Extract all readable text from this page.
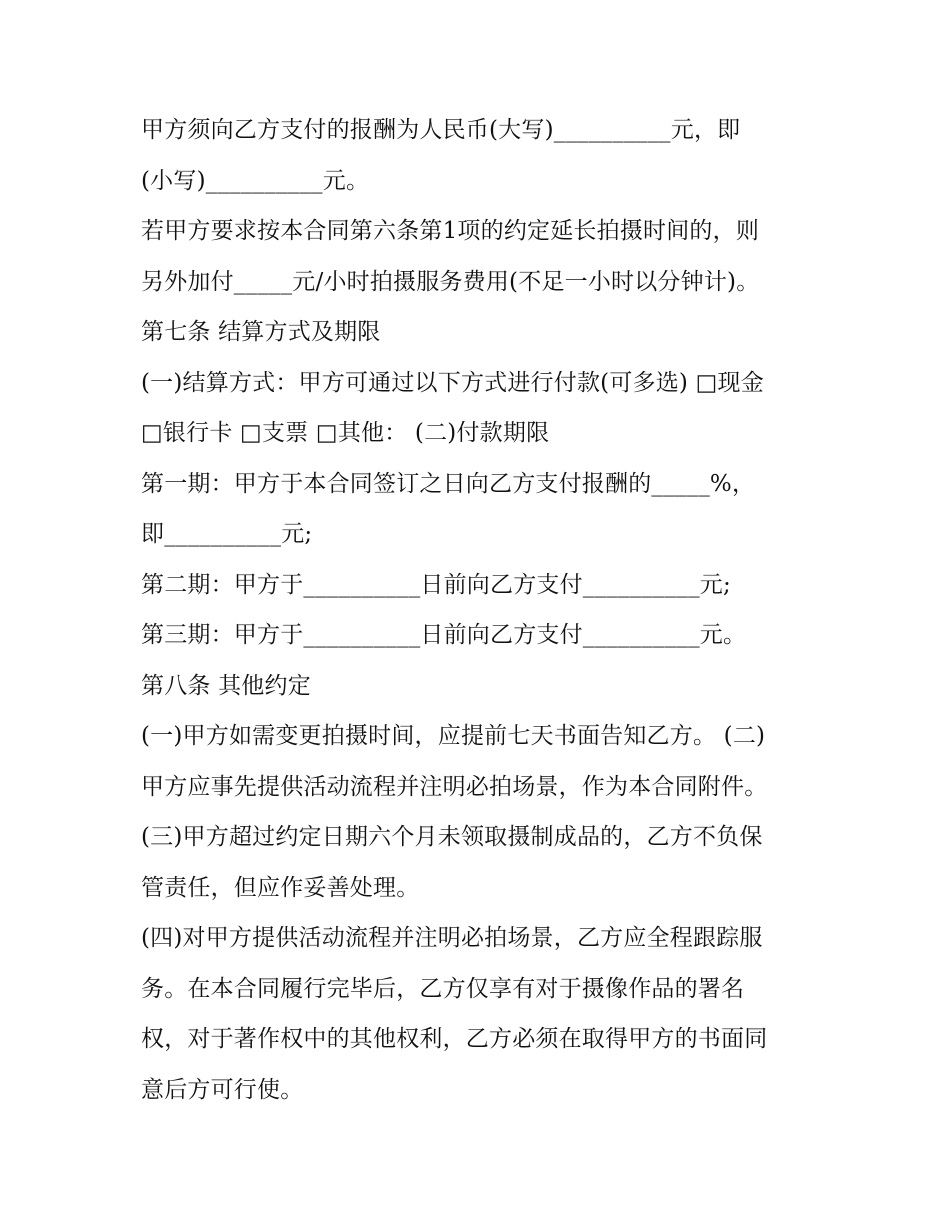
甲方须向乙方支付的报酬为人民币(大写)__________元，即
(小写)__________元。
若甲方要求按本合同第六条第1项的约定延长拍摄时间的，则
另外加付_____元/小时拍摄服务费用(不足一小时以分钟计)。
第七条 结算方式及期限
(一)结算方式：甲方可通过以下方式进行付款(可多选) □现金
□银行卡 □支票 □其他： (二)付款期限
第一期：甲方于本合同签订之日向乙方支付报酬的_____%，
即__________元;
第二期：甲方于__________日前向乙方支付__________元;
第三期：甲方于__________日前向乙方支付__________元。
第八条 其他约定
(一)甲方如需变更拍摄时间，应提前七天书面告知乙方。 (二)
甲方应事先提供活动流程并注明必拍场景，作为本合同附件。
(三)甲方超过约定日期六个月未领取摄制成品的，乙方不负保
管责任，但应作妥善处理。
(四)对甲方提供活动流程并注明必拍场景，乙方应全程跟踪服
务。在本合同履行完毕后，乙方仅享有对于摄像作品的署名
权，对于著作权中的其他权利，乙方必须在取得甲方的书面同
意后方可行使。
